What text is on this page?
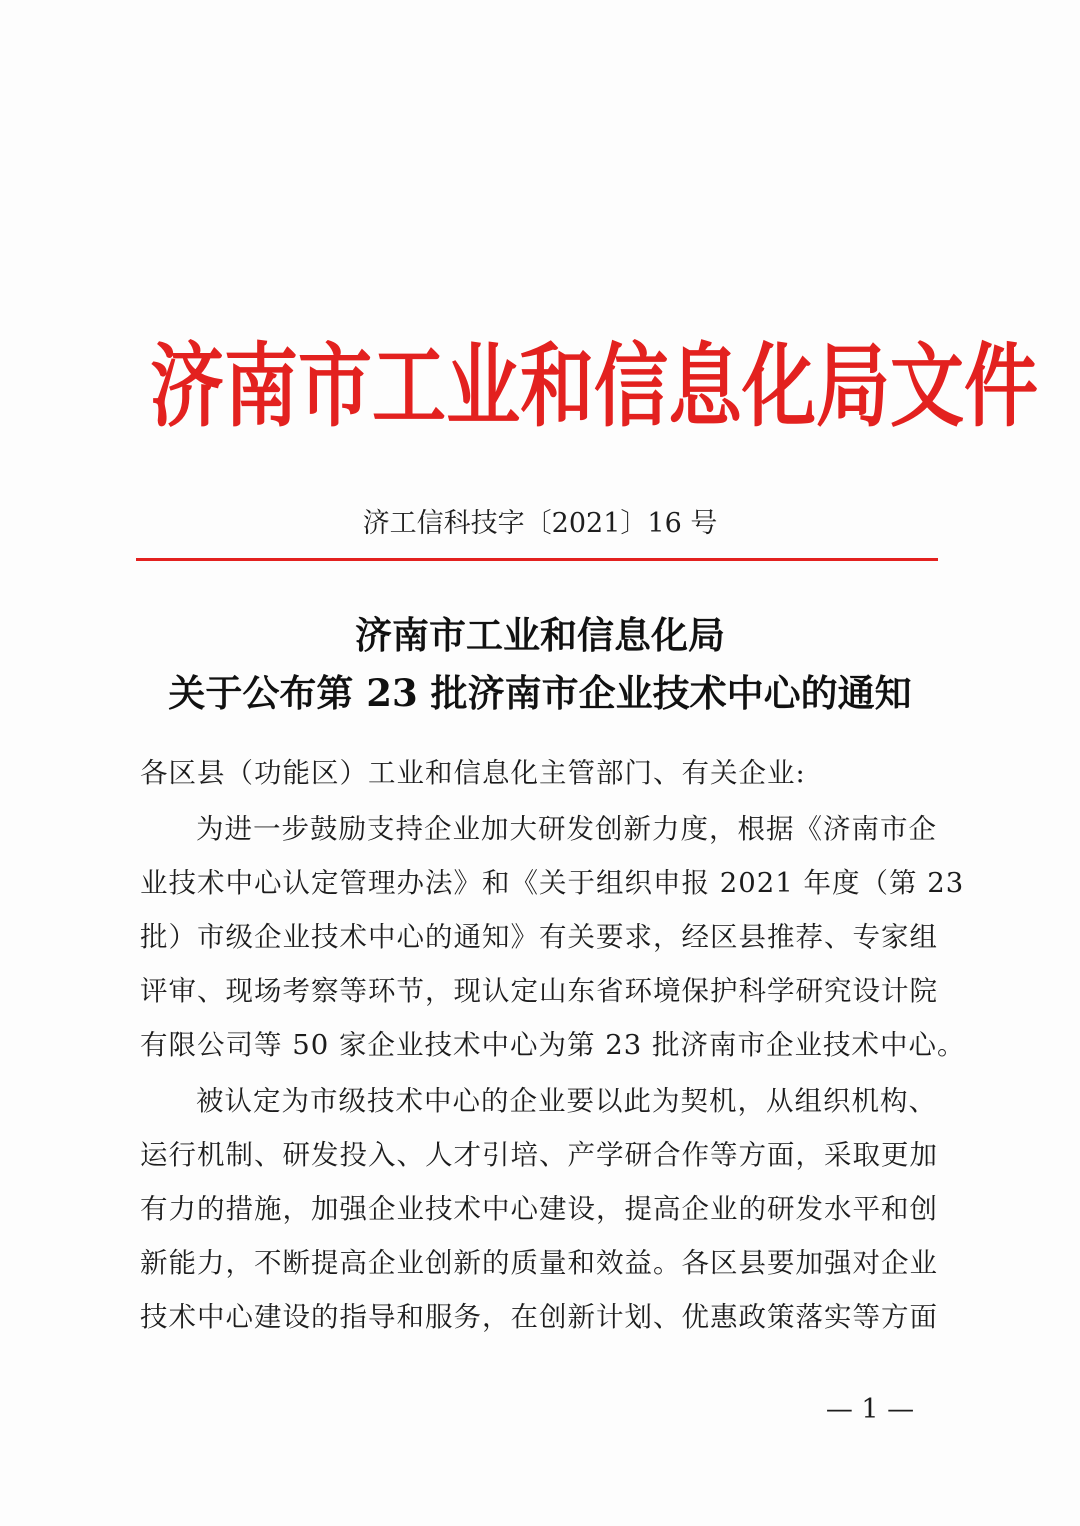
济南市工业和信息化局文件
济工信科技字〔2021〕16 号
济南市工业和信息化局
关于公布第 23 批济南市企业技术中心的通知
各区县（功能区）工业和信息化主管部门、有关企业:
为进一步鼓励支持企业加大研发创新力度，根据《济南市企
业技术中心认定管理办法》和《关于组织申报 2021 年度（第 23
批）市级企业技术中心的通知》有关要求，经区县推荐、专家组
评审、现场考察等环节，现认定山东省环境保护科学研究设计院
有限公司等 50 家企业技术中心为第 23 批济南市企业技术中心。
被认定为市级技术中心的企业要以此为契机，从组织机构、
运行机制、研发投入、人才引培、产学研合作等方面，采取更加
有力的措施，加强企业技术中心建设，提高企业的研发水平和创
新能力，不断提高企业创新的质量和效益。各区县要加强对企业
技术中心建设的指导和服务，在创新计划、优惠政策落实等方面
— 1 —
